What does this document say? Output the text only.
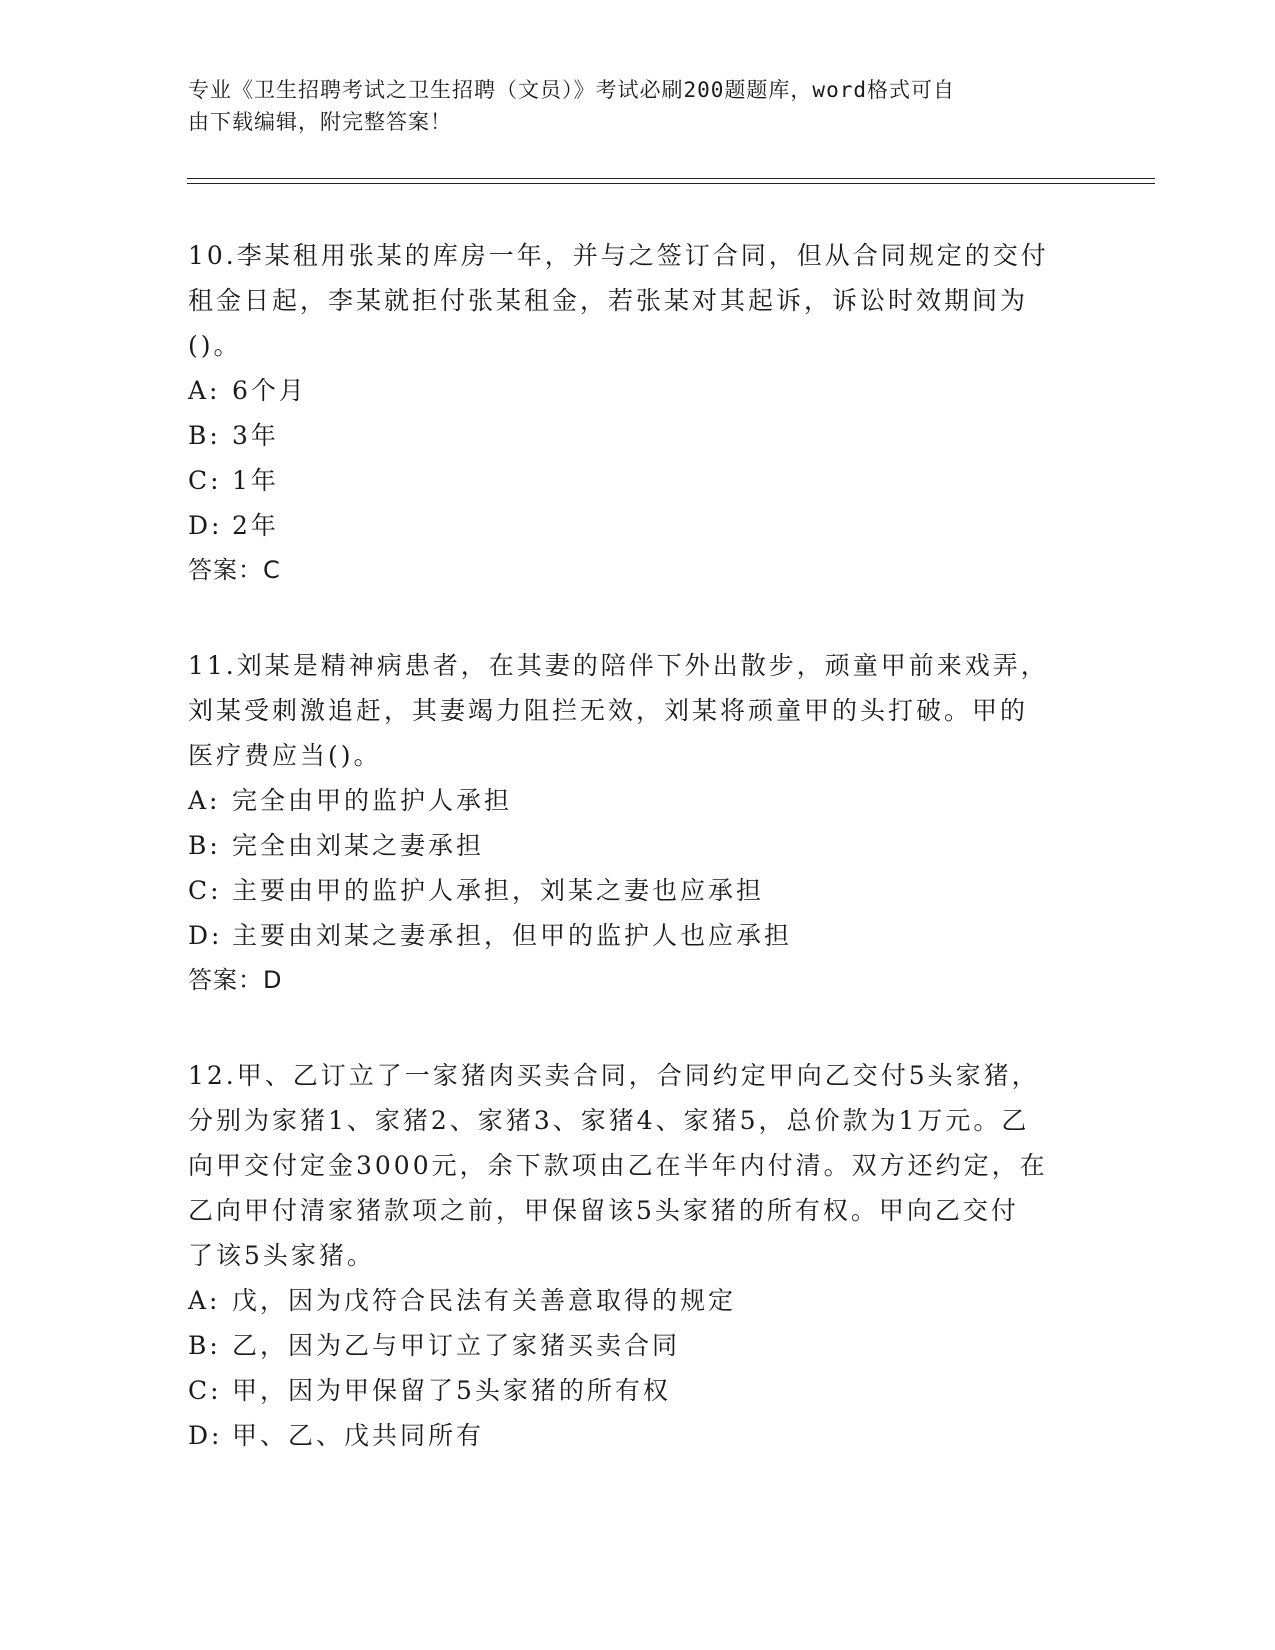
专业《卫生招聘考试之卫生招聘（文员）》考试必刷200题题库，word格式可自
由下载编辑，附完整答案！
10.李某租用张某的库房一年，并与之签订合同，但从合同规定的交付
租金日起，李某就拒付张某租金，若张某对其起诉，诉讼时效期间为
()。
A: 6个月
B: 3年
C: 1年
D: 2年
答案：C
11.刘某是精神病患者，在其妻的陪伴下外出散步，顽童甲前来戏弄，
刘某受刺激追赶，其妻竭力阻拦无效，刘某将顽童甲的头打破。甲的
医疗费应当()。
A: 完全由甲的监护人承担
B: 完全由刘某之妻承担
C: 主要由甲的监护人承担，刘某之妻也应承担
D: 主要由刘某之妻承担，但甲的监护人也应承担
答案：D
12.甲、乙订立了一家猪肉买卖合同，合同约定甲向乙交付5头家猪，
分别为家猪1、家猪2、家猪3、家猪4、家猪5，总价款为1万元。乙
向甲交付定金3000元，余下款项由乙在半年内付清。双方还约定，在
乙向甲付清家猪款项之前，甲保留该5头家猪的所有权。甲向乙交付
了该5头家猪。
A: 戊，因为戊符合民法有关善意取得的规定
B: 乙，因为乙与甲订立了家猪买卖合同
C: 甲，因为甲保留了5头家猪的所有权
D: 甲、乙、戊共同所有
